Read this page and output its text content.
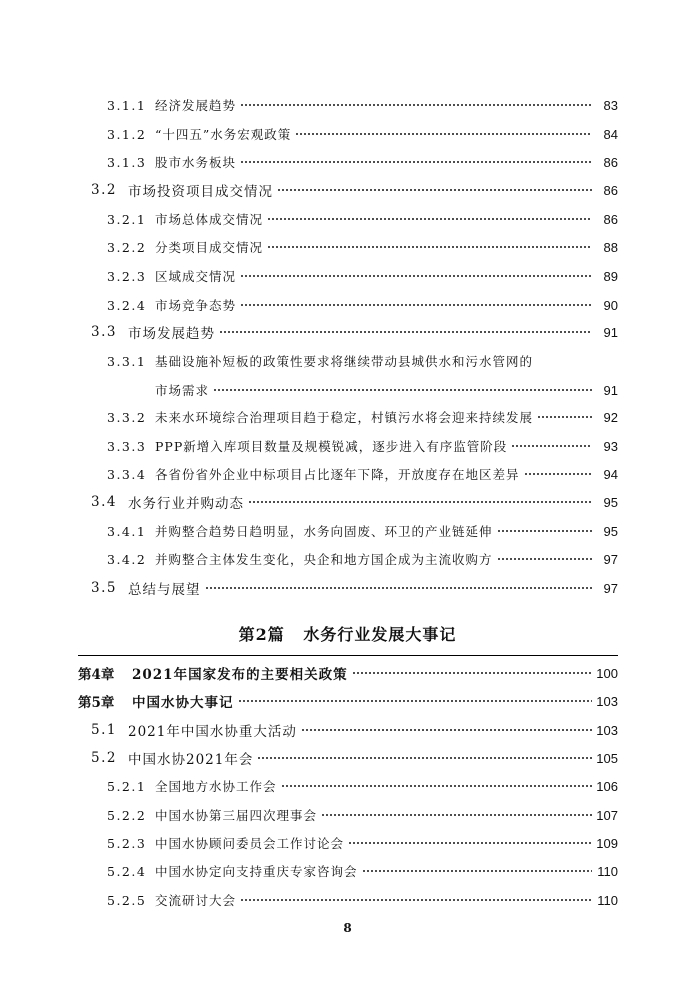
3.1.1 经济发展趋势	83
3.1.2 “十四五”水务宏观政策	84
3.1.3 股市水务板块	86
3.2 市场投资项目成交情况	86
3.2.1 市场总体成交情况	86
3.2.2 分类项目成交情况	88
3.2.3 区域成交情况	89
3.2.4 市场竞争态势	90
3.3 市场发展趋势	91
3.3.1 基础设施补短板的政策性要求将继续带动县城供水和污水管网的
市场需求	91
3.3.2 未来水环境综合治理项目趋于稳定，村镇污水将会迎来持续发展	92
3.3.3 PPP新增入库项目数量及规模锐减，逐步进入有序监管阶段	93
3.3.4 各省份省外企业中标项目占比逐年下降，开放度存在地区差异	94
3.4 水务行业并购动态	95
3.4.1 并购整合趋势日趋明显，水务向固废、环卫的产业链延伸	95
3.4.2 并购整合主体发生变化，央企和地方国企成为主流收购方	97
3.5 总结与展望	97
第2篇 水务行业发展大事记
第4章	2021年国家发布的主要相关政策	100
第5章	中国水协大事记	103
5.1 2021年中国水协重大活动	103
5.2 中国水协2021年会	105
5.2.1 全国地方水协工作会	106
5.2.2 中国水协第三届四次理事会	107
5.2.3 中国水协顾问委员会工作讨论会	109
5.2.4 中国水协定向支持重庆专家咨询会	110
5.2.5 交流研讨大会	110
8
